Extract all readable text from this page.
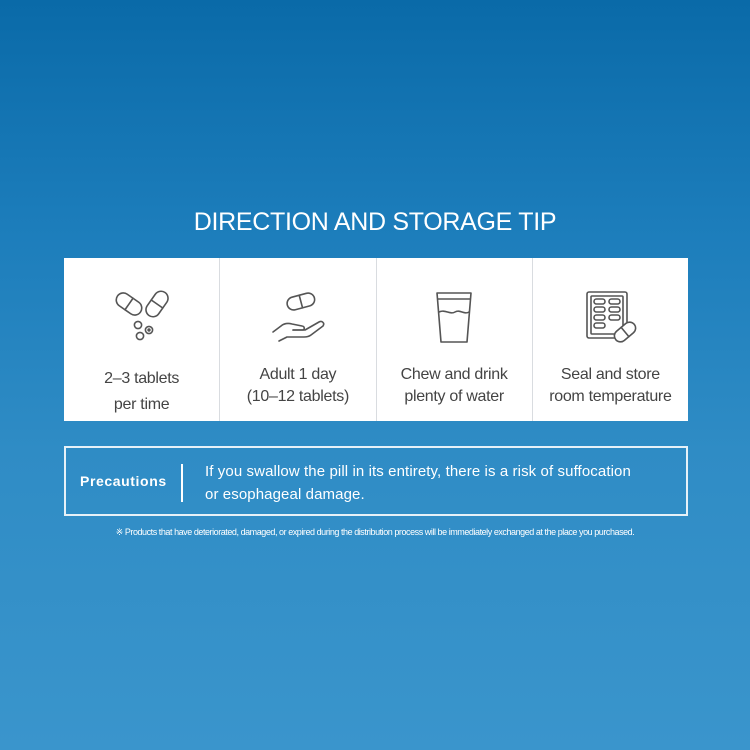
DIRECTION AND STORAGE TIP
2–3 tablets
per time
Adult 1 day
(10–12 tablets)
Chew and drink
plenty of water
Seal and store
room temperature
Precautions
If you swallow the pill in its entirety, there is a risk of suffocation
or esophageal damage.
※ Products that have deteriorated, damaged, or expired during the distribution process will be immediately exchanged at the place you purchased.
